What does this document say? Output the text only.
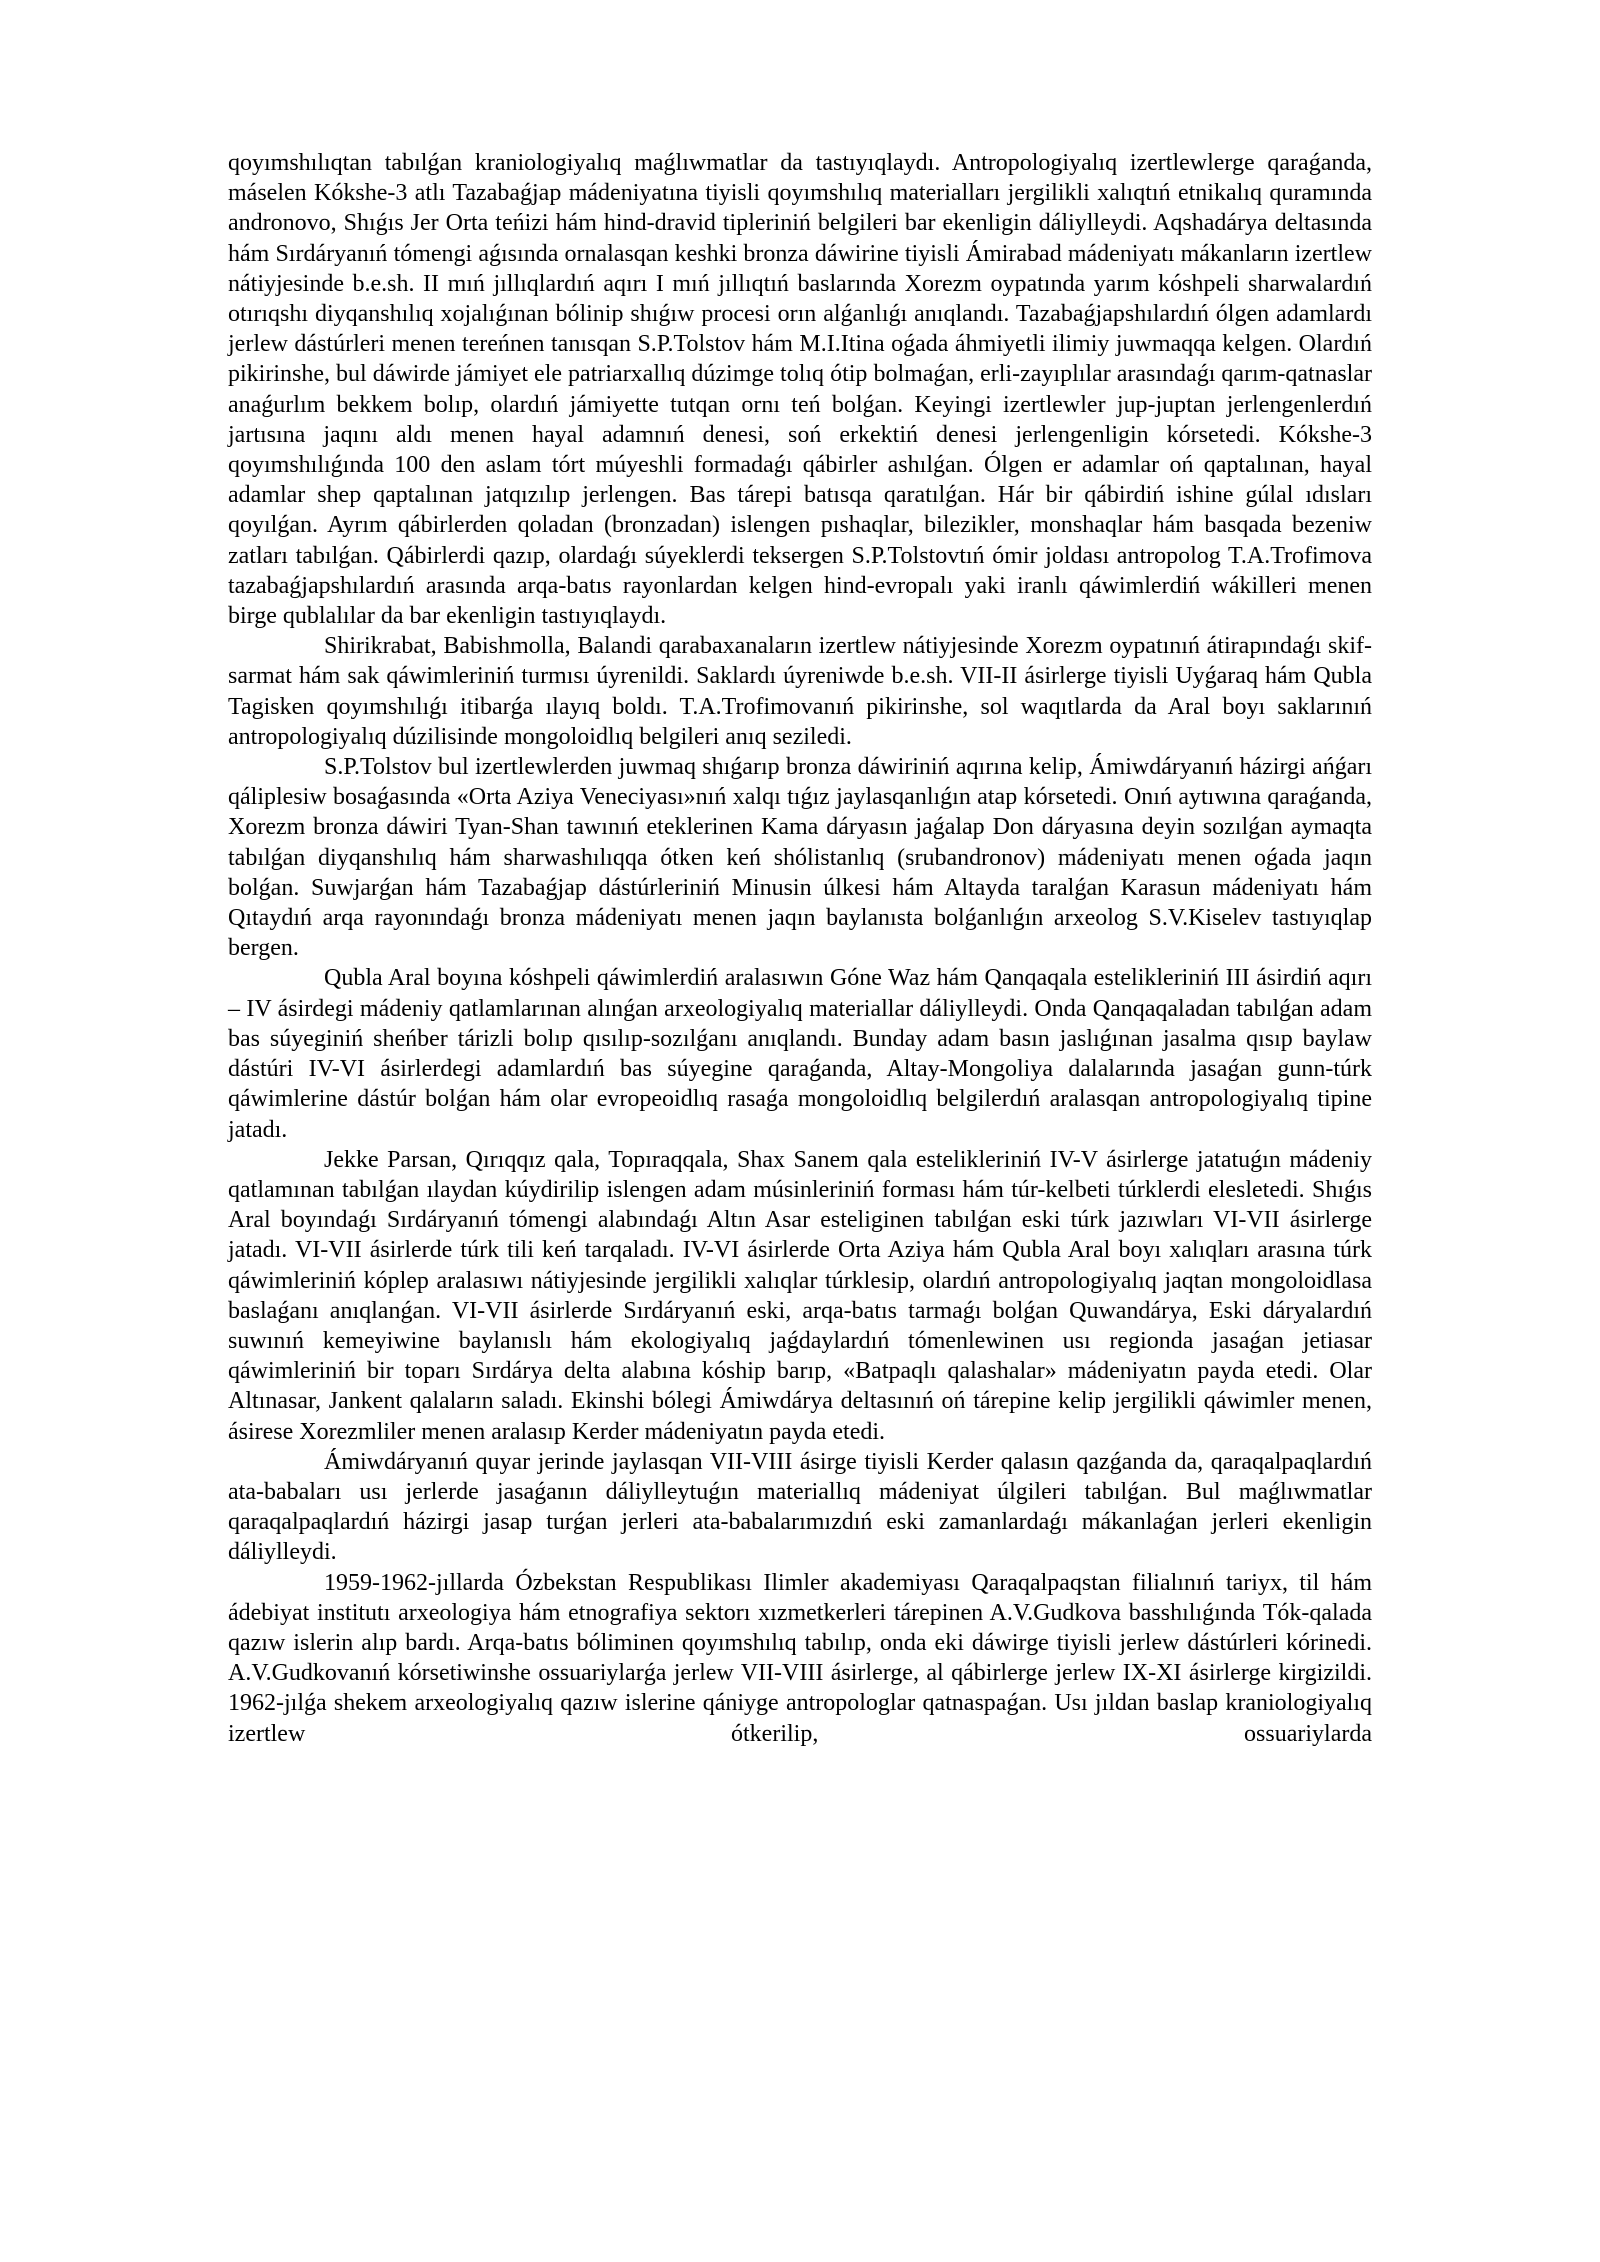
qoyımshılıqtan tabılǵan kraniologiyalıq maǵlıwmatlar da tastıyıqlaydı. Antropologiyalıq izertlewlerge qaraǵanda, máselen Kókshe-3 atlı Tazabaǵjap mádeniyatına tiyisli qoyımshılıq materialları jergilikli xalıqtıń etnikalıq quramında andronovo, Shıǵıs Jer Orta teńizi hám hind-dravid tipleriniń belgileri bar ekenligin dáliylleydi. Aqshadárya deltasında hám Sırdáryanıń tómengi aǵısında ornalasqan keshki bronza dáwirine tiyisli Ámirabad mádeniyatı mákanların izertlew nátiyjesinde b.e.sh. II mıń jıllıqlardıń aqırı I mıń jıllıqtıń baslarında Xorezm oypatında yarım kóshpeli sharwalardıń otırıqshı diyqanshılıq xojalıǵınan bólinip shıǵıw procesi orın alǵanlıǵı anıqlandı. Tazabaǵjapshılardıń ólgen adamlardı jerlew dástúrleri menen tereńnen tanısqan S.P.Tolstov hám M.I.Itina oǵada áhmiyetli ilimiy juwmaqqa kelgen. Olardıń pikirinshe, bul dáwirde jámiyet ele patriarxallıq dúzimge tolıq ótip bolmaǵan, erli-zayıplılar arasındaǵı qarım-qatnaslar anaǵurlım bekkem bolıp, olardıń jámiyette tutqan ornı teń bolǵan. Keyingi izertlewler jup-juptan jerlengenlerdıń jartısına jaqını aldı menen hayal adamnıń denesi, soń erkektiń denesi jerlengenligin kórsetedi. Kókshe-3 qoyımshılıǵında 100 den aslam tórt múyeshli formadaǵı qábirler ashılǵan. Ólgen er adamlar oń qaptalınan, hayal adamlar shep qaptalınan jatqızılıp jerlengen. Bas tárepi batısqa qaratılǵan. Hár bir qábirdiń ishine gúlal ıdısları qoyılǵan. Ayrım qábirlerden qoladan (bronzadan) islengen pıshaqlar, bilezikler, monshaqlar hám basqada bezeniw zatları tabılǵan. Qábirlerdi qazıp, olardaǵı súyeklerdi teksergen S.P.Tolstovtıń ómir joldası antropolog T.A.Trofimova tazabaǵjapshılardıń arasında arqa-batıs rayonlardan kelgen hind-evropalı yaki iranlı qáwimlerdiń wákilleri menen birge qublalılar da bar ekenligin tastıyıqlaydı.

Shirikrabat, Babishmolla, Balandi qarabaxanaların izertlew nátiyjesinde Xorezm oypatınıń átirapındaǵı skif-sarmat hám sak qáwimleriniń turmısı úyrenildi. Saklardı úyreniwde b.e.sh. VII-II ásirlerge tiyisli Uyǵaraq hám Qubla Tagisken qoyımshılıǵı itibarǵa ılayıq boldı. T.A.Trofimovanıń pikirinshe, sol waqıtlarda da Aral boyı saklarınıń antropologiyalıq dúzilisinde mongoloidlıq belgileri anıq seziledi.

S.P.Tolstov bul izertlewlerden juwmaq shıǵarıp bronza dáwiriniń aqırına kelip, Ámiwdáryanıń házirgi ańǵarı qáliplesiw bosaǵasında «Orta Aziya Veneciyası»nıń xalqı tıǵız jaylasqanlıǵın atap kórsetedi. Onıń aytıwına qaraǵanda, Xorezm bronza dáwiri Tyan-Shan tawınıń eteklerinen Kama dáryasın jaǵalap Don dáryasına deyin sozılǵan aymaqta tabılǵan diyqanshılıq hám sharwashılıqqa ótken keń shólistanlıq (srubandronov) mádeniyatı menen oǵada jaqın bolǵan. Suwjarǵan hám Tazabaǵjap dástúrleriniń Minusin úlkesi hám Altayda taralǵan Karasun mádeniyatı hám Qıtaydıń arqa rayonındaǵı bronza mádeniyatı menen jaqın baylanısta bolǵanlıǵın arxeolog S.V.Kiselev tastıyıqlap bergen.

Qubla Aral boyına kóshpeli qáwimlerdiń aralasıwın Góne Waz hám Qanqaqala esteliklerіniń III ásirdiń aqırı – IV ásirdegi mádeniy qatlamlarınan alınǵan arxeologiyalıq materiallar dáliylleydi. Onda Qanqaqaladan tabılǵan adam bas súyeginiń sheńber tárizli bolıp qısılıp-sozılǵanı anıqlandı. Bunday adam basın jaslıǵınan jasalma qısıp baylaw dástúri IV-VI ásirlerdegi adamlardıń bas súyegine qaraǵanda, Altay-Mongoliya dalalarında jasaǵan gunn-túrk qáwimlerine dástúr bolǵan hám olar evropeoidlıq rasaǵa mongoloidlıq belgilerdıń aralasqan antropologiyalıq tipine jatadı.

Jekke Parsan, Qırıqqız qala, Topıraqqala, Shax Sanem qala esteliklerіniń IV-V ásirlerge jatatuǵın mádeniy qatlamınan tabılǵan ılaydan kúydirilip islengen adam músinleriniń forması hám túr-kelbeti túrklerdi elesletedi. Shıǵıs Aral boyındaǵı Sırdáryanıń tómengi alabındaǵı Altın Asar esteliginen tabılǵan eski túrk jazıwları VI-VII ásirlerge jatadı. VI-VII ásirlerde túrk tili keń tarqaladı. IV-VI ásirlerde Orta Aziya hám Qubla Aral boyı xalıqları arasına túrk qáwimleriniń kóplep aralasıwı nátiyjesinde jergilikli xalıqlar túrklesip, olardıń antropologiyalıq jaqtan mongoloidlasa baslaǵanı anıqlanǵan. VI-VII ásirlerde Sırdáryanıń eski, arqa-batıs tarmaǵı bolǵan Quwandárya, Eski dáryalardıń suwınıń kemeyiwine baylanıslı hám ekologiyalıq jaǵdaylardıń tómenlewinen usı regionda jasaǵan jetiasar qáwimleriniń bir toparı Sırdárya delta alabına kóship barıp, «Batpaqlı qalashalar» mádeniyatın payda etedi. Olar Altınasar, Jankent qalaların saladı. Ekinshi bólegi Ámiwdárya deltasınıń oń tárepine kelip jergilikli qáwimler menen, ásirese Xorezmliler menen aralasıp Kerder mádeniyatın payda etedi.

Ámiwdáryanıń quyar jerinde jaylasqan VII-VIII ásirge tiyisli Kerder qalasın qazǵanda da, qaraqalpaqlardıń ata-babaları usı jerlerde jasaǵanın dáliylleytuǵın materiallıq mádeniyat úlgileri tabılǵan. Bul maǵlıwmatlar qaraqalpaqlardıń házirgi jasap turǵan jerleri ata-babalarımızdıń eski zamanlardaǵı mákanlaǵan jerleri ekenligin dáliylleydi.

1959-1962-jıllarda Ózbekstan Respublikası Ilimler akademiyası Qaraqalpaqstan filialınıń tariyx, til hám ádebiyat institutı arxeologiya hám etnografiya sektorı xızmetkerleri tárepinen A.V.Gudkova basshılıǵında Tók-qalada qazıw islerin alıp bardı. Arqa-batıs bóliminen qoyımshılıq tabılıp, onda eki dáwirge tiyisli jerlew dástúrleri kórinedi. A.V.Gudkovanıń kórsetiwinshe ossuariylarǵa jerlew VII-VIII ásirlerge, al qábirlerge jerlew IX-XI ásirlerge kirgizildi. 1962-jılǵa shekem arxeologiyalıq qazıw islerine qániyge antropologlar qatnaspaǵan. Usı jıldan baslap kraniologiyalıq izertlew ótkerilip, ossuariylarda
